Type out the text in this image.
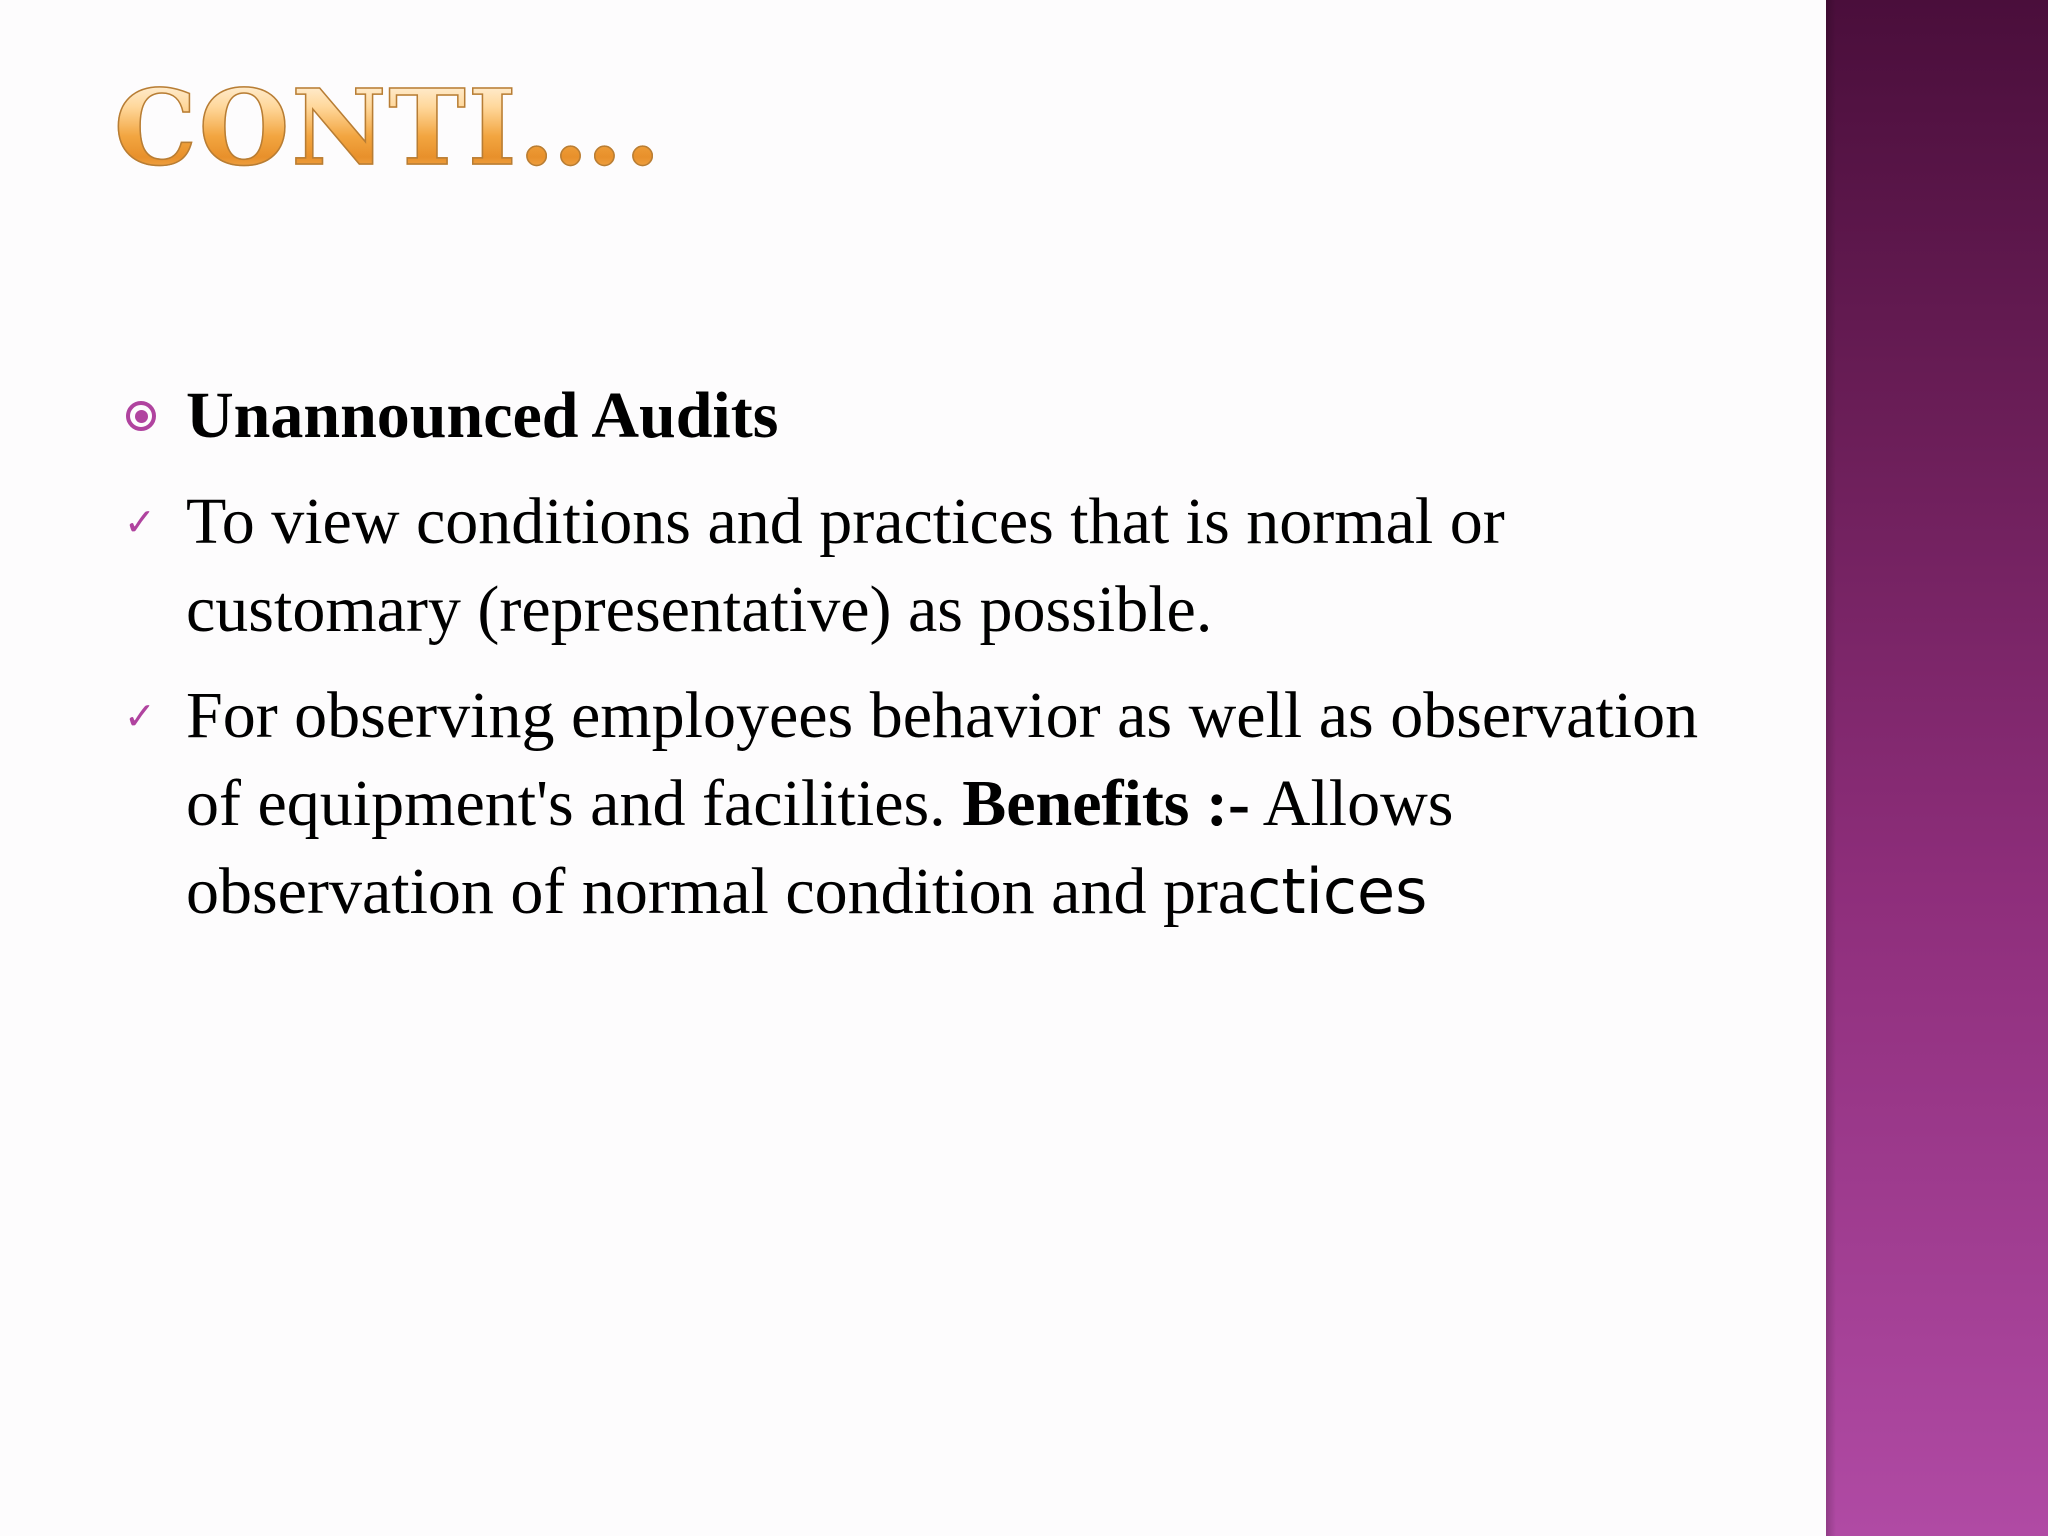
CONTI….
Unannounced Audits
✓ To view conditions and practices that is normal or customary (representative) as possible.
✓ For observing employees behavior as well as observation of equipment's and facilities. Benefits :- Allows observation of normal condition and practices
